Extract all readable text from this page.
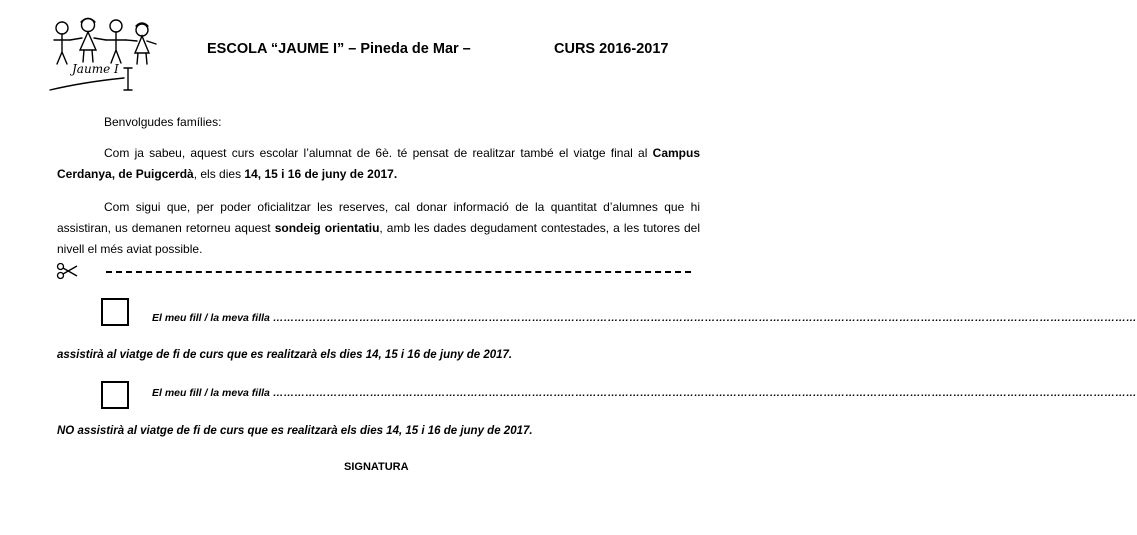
Jaume I
ESCOLA “JAUME I” – Pineda de Mar –	CURS 2016-2017
Benvolgudes famílies:
Com ja sabeu, aquest curs escolar l’alumnat de 6è. té pensat de realitzar també el viatge final al Campus Cerdanya, de Puigcerdà, els dies 14, 15 i 16 de juny de 2017.
Com sigui que, per poder oficialitzar les reserves, cal donar informació de la quantitat d’alumnes que hi assistiran, us demanen retorneu aquest sondeig orientatiu, amb les dades degudament contestades, a les tutores del nivell el més aviat possible.
El meu fill / la meva filla ……………………………………………………………………………………………………………………………………………………………………………………………………………………
assistirà al viatge de fi de curs que es realitzarà els dies 14, 15 i 16 de juny de 2017.
El meu fill / la meva filla ……………………………………………………………………………………………………………………………………………………………………………………………………………………
NO assistirà al viatge de fi de curs que es realitzarà els dies 14, 15 i 16 de juny de 2017.
SIGNATURA
